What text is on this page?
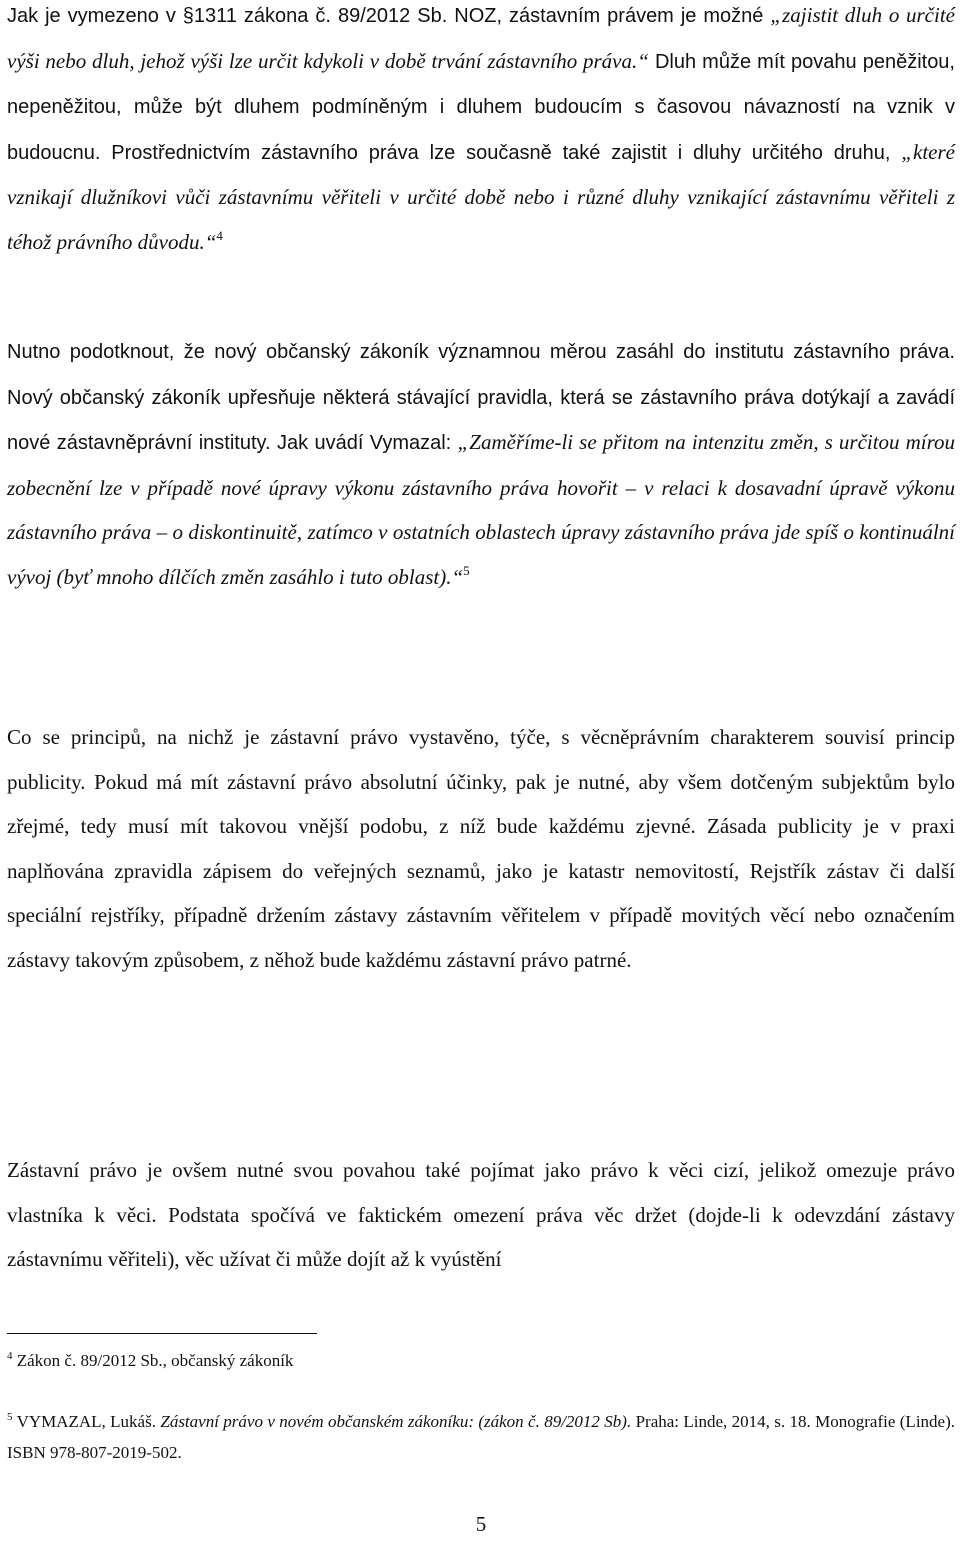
Jak je vymezeno v §1311 zákona č. 89/2012 Sb. NOZ, zástavním právem je možné „zajistit dluh o určité výši nebo dluh, jehož výši lze určit kdykoli v době trvání zástavního práva.“ Dluh může mít povahu peněžitou, nepeněžitou, může být dluhem podmíněným i dluhem budoucím s časovou návazností na vznik v budoucnu. Prostřednictvím zástavního práva lze současně také zajistit i dluhy určitého druhu, „které vznikají dlužníkovi vůči zástavnímu věřiteli v určité době nebo i různé dluhy vznikající zástavnímu věřiteli z téhož právního důvodu.“$^4$

Nutno podotknout, že nový občanský zákoník významnou měrou zasáhl do institutu zástavního práva. Nový občanský zákoník upřesňuje některá stávající pravidla, která se zástavního práva dotýkají a zavádí nové zástavněprávní instituty. Jak uvádí Vymazal: „Zaměříme-li se přitom na intenzitu změn, s určitou mírou zobecnění lze v případě nové úpravy výkonu zástavního práva hovořit – v relaci k dosavadní úpravě výkonu zástavního práva – o diskontinuitě, zatímco v ostatních oblastech úpravy zástavního práva jde spíš o kontinuální vývoj (byť mnoho dílčích změn zasáhlo i tuto oblast).“$^5$

Co se principů, na nichž je zástavní právo vystavěno, týče, s věcněprávním charakterem souvisí princip publicity. Pokud má mít zástavní právo absolutní účinky, pak je nutné, aby všem dotčeným subjektům bylo zřejmé, tedy musí mít takovou vnější podobu, z níž bude každému zjevné. Zásada publicity je v praxi naplňována zpravidla zápisem do veřejných seznamů, jako je katastr nemovitostí, Rejstřík zástav či další speciální rejstříky, případně držením zástavy zástavním věřitelem v případě movitých věcí nebo označením zástavy takovým způsobem, z něhož bude každému zástavní právo patrné.

Zástavní právo je ovšem nutné svou povahou také pojímat jako právo k věci cizí, jelikož omezuje právo vlastníka k věci. Podstata spočívá ve faktickém omezení práva věc držet (dojde-li k odevzdání zástavy zástavnímu věřiteli), věc užívat či může dojít až k vyústění

$^4$ Zákon č. 89/2012 Sb., občanský zákoník
$^5$ VYMAZAL, Lukáš. Zástavní právo v novém občanském zákoníku: (zákon č. 89/2012 Sb). Praha: Linde, 2014, s. 18. Monografie (Linde). ISBN 978-807-2019-502.
5
